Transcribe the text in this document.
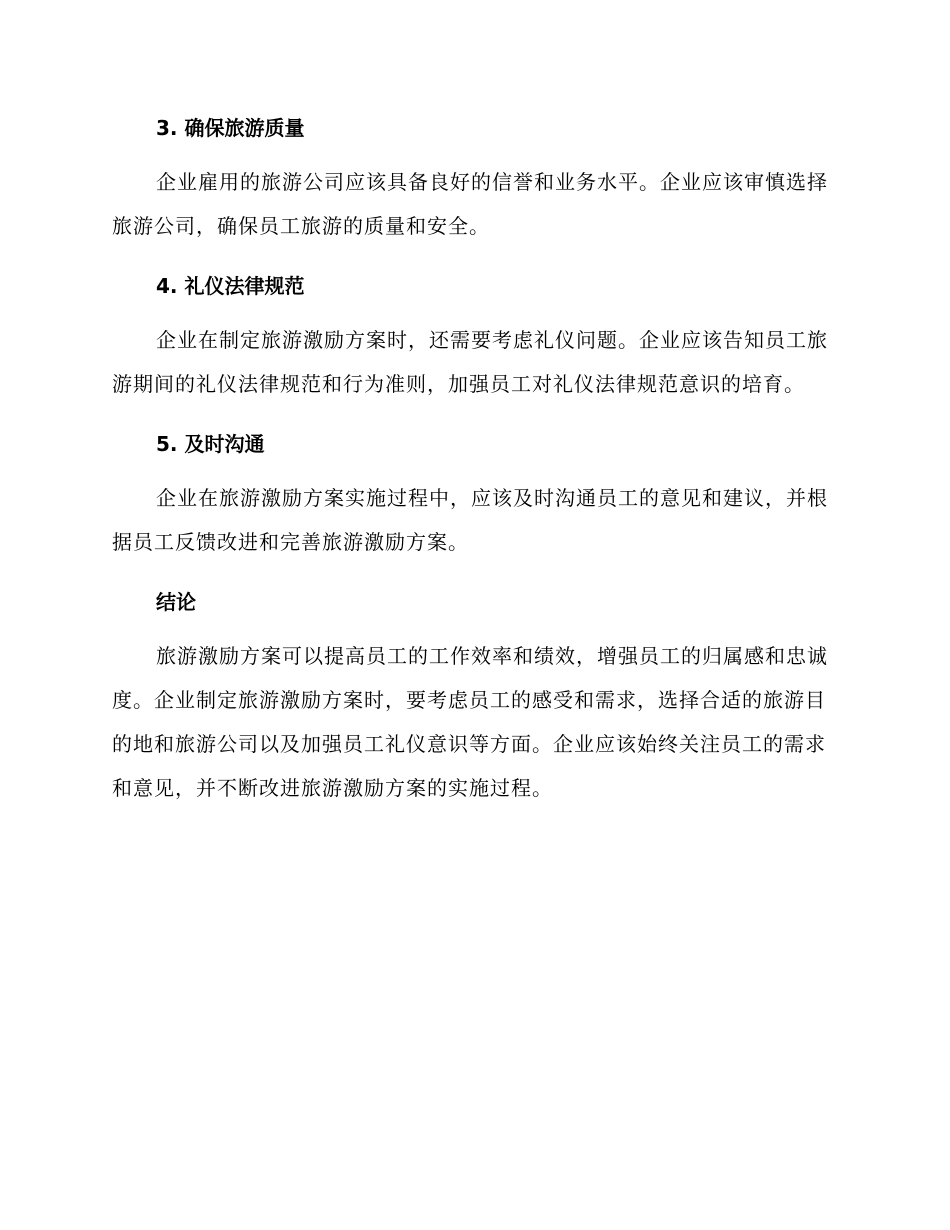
3. 确保旅游质量

企业雇用的旅游公司应该具备良好的信誉和业务水平。企业应该审慎选择旅游公司，确保员工旅游的质量和安全。

4. 礼仪法律规范

企业在制定旅游激励方案时，还需要考虑礼仪问题。企业应该告知员工旅游期间的礼仪法律规范和行为准则，加强员工对礼仪法律规范意识的培育。

5. 及时沟通

企业在旅游激励方案实施过程中，应该及时沟通员工的意见和建议，并根据员工反馈改进和完善旅游激励方案。

结论

旅游激励方案可以提高员工的工作效率和绩效，增强员工的归属感和忠诚度。企业制定旅游激励方案时，要考虑员工的感受和需求，选择合适的旅游目的地和旅游公司以及加强员工礼仪意识等方面。企业应该始终关注员工的需求和意见，并不断改进旅游激励方案的实施过程。
